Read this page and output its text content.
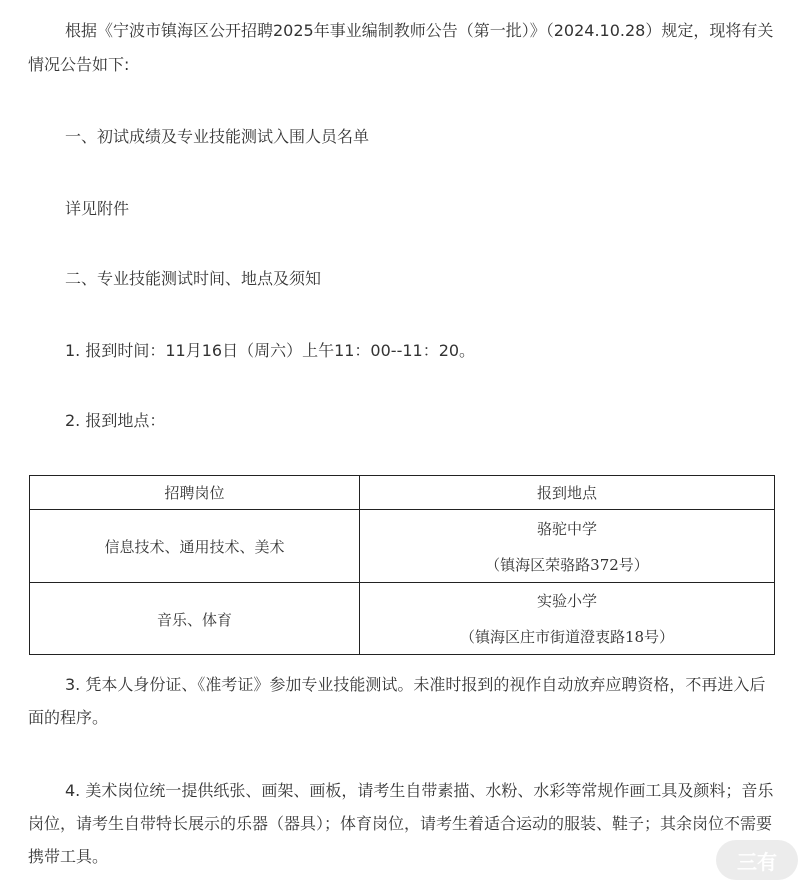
根据《宁波市镇海区公开招聘2025年事业编制教师公告（第一批）》（2024.10.28）规定，现将有关情况公告如下:

一、初试成绩及专业技能测试入围人员名单

详见附件

二、专业技能测试时间、地点及须知

1. 报到时间：11月16日（周六）上午11：00--11：20。

2. 报到地点：

招聘岗位	报到地点
信息技术、通用技术、美术
骆驼中学
（镇海区荣骆路372号）
音乐、体育
实验小学
（镇海区庄市街道澄衷路18号）

3. 凭本人身份证、《准考证》参加专业技能测试。未准时报到的视作自动放弃应聘资格，不再进入后面的程序。

4. 美术岗位统一提供纸张、画架、画板，请考生自带素描、水粉、水彩等常规作画工具及颜料；音乐岗位，请考生自带特长展示的乐器（器具）；体育岗位，请考生着适合运动的服装、鞋子；其余岗位不需要携带工具。	三有
